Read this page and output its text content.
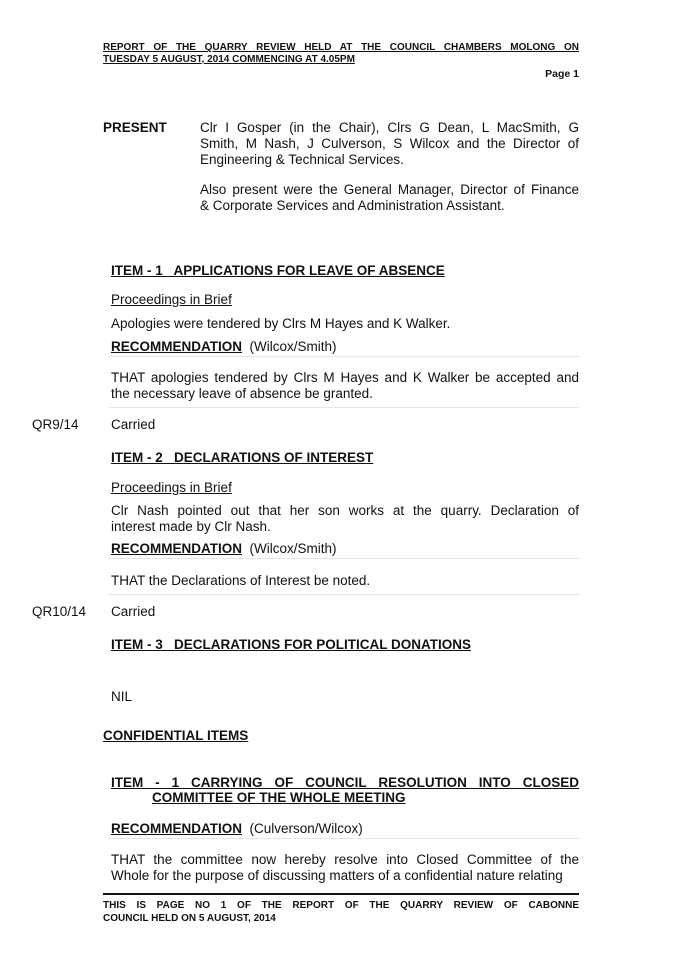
REPORT OF THE QUARRY REVIEW HELD AT THE COUNCIL CHAMBERS MOLONG ON
TUESDAY 5 AUGUST, 2014 COMMENCING AT 4.05PM
Page 1
PRESENT Clr I Gosper (in the Chair), Clrs G Dean, L MacSmith, G
Smith, M Nash, J Culverson, S Wilcox and the Director of
Engineering & Technical Services.
Also present were the General Manager, Director of Finance
& Corporate Services and Administration Assistant.
ITEM - 1   APPLICATIONS FOR LEAVE OF ABSENCE
Proceedings in Brief
Apologies were tendered by Clrs M Hayes and K Walker.
RECOMMENDATION (Wilcox/Smith)
THAT apologies tendered by Clrs M Hayes and K Walker be accepted and
the necessary leave of absence be granted.
QR9/14 Carried
ITEM - 2   DECLARATIONS OF INTEREST
Proceedings in Brief
Clr Nash pointed out that her son works at the quarry. Declaration of
interest made by Clr Nash.
RECOMMENDATION (Wilcox/Smith)
THAT the Declarations of Interest be noted.
QR10/14 Carried
ITEM - 3   DECLARATIONS FOR POLITICAL DONATIONS
NIL
CONFIDENTIAL ITEMS
ITEM - 1 CARRYING OF COUNCIL RESOLUTION INTO CLOSED
COMMITTEE OF THE WHOLE MEETING
RECOMMENDATION (Culverson/Wilcox)
THAT the committee now hereby resolve into Closed Committee of the
Whole for the purpose of discussing matters of a confidential nature relating
THIS IS PAGE NO 1 OF THE REPORT OF THE QUARRY REVIEW OF CABONNE
COUNCIL HELD ON 5 AUGUST, 2014
